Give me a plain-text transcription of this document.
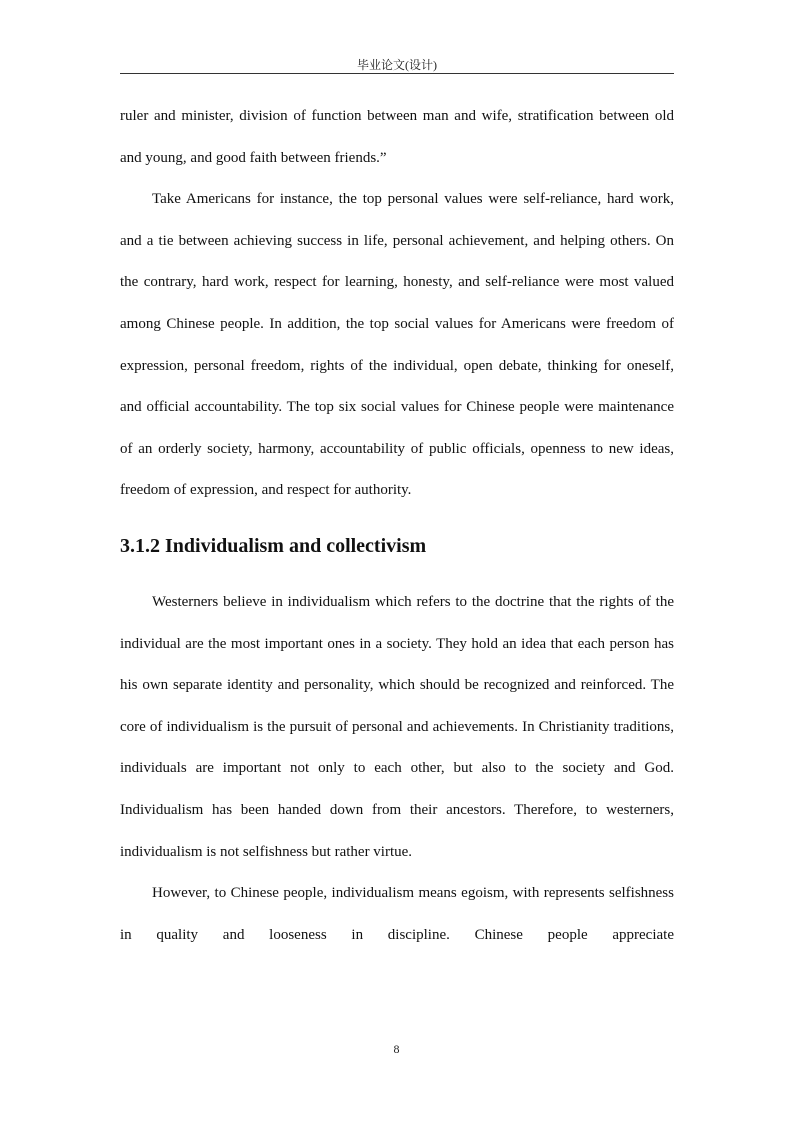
毕业论文(设计)

ruler and minister, division of function between man and wife, stratification between old and young, and good faith between friends.”

Take Americans for instance, the top personal values were self-reliance, hard work, and a tie between achieving success in life, personal achievement, and helping others. On the contrary, hard work, respect for learning, honesty, and self-reliance were most valued among Chinese people. In addition, the top social values for Americans were freedom of expression, personal freedom, rights of the individual, open debate, thinking for oneself, and official accountability. The top six social values for Chinese people were maintenance of an orderly society, harmony, accountability of public officials, openness to new ideas, freedom of expression, and respect for authority.

3.1.2 Individualism and collectivism

Westerners believe in individualism which refers to the doctrine that the rights of the individual are the most important ones in a society. They hold an idea that each person has his own separate identity and personality, which should be recognized and reinforced. The core of individualism is the pursuit of personal and achievements. In Christianity traditions, individuals are important not only to each other, but also to the society and God. Individualism has been handed down from their ancestors. Therefore, to westerners, individualism is not selfishness but rather virtue.

However, to Chinese people, individualism means egoism, with represents selfishness in quality and looseness in discipline. Chinese people appreciate

8
